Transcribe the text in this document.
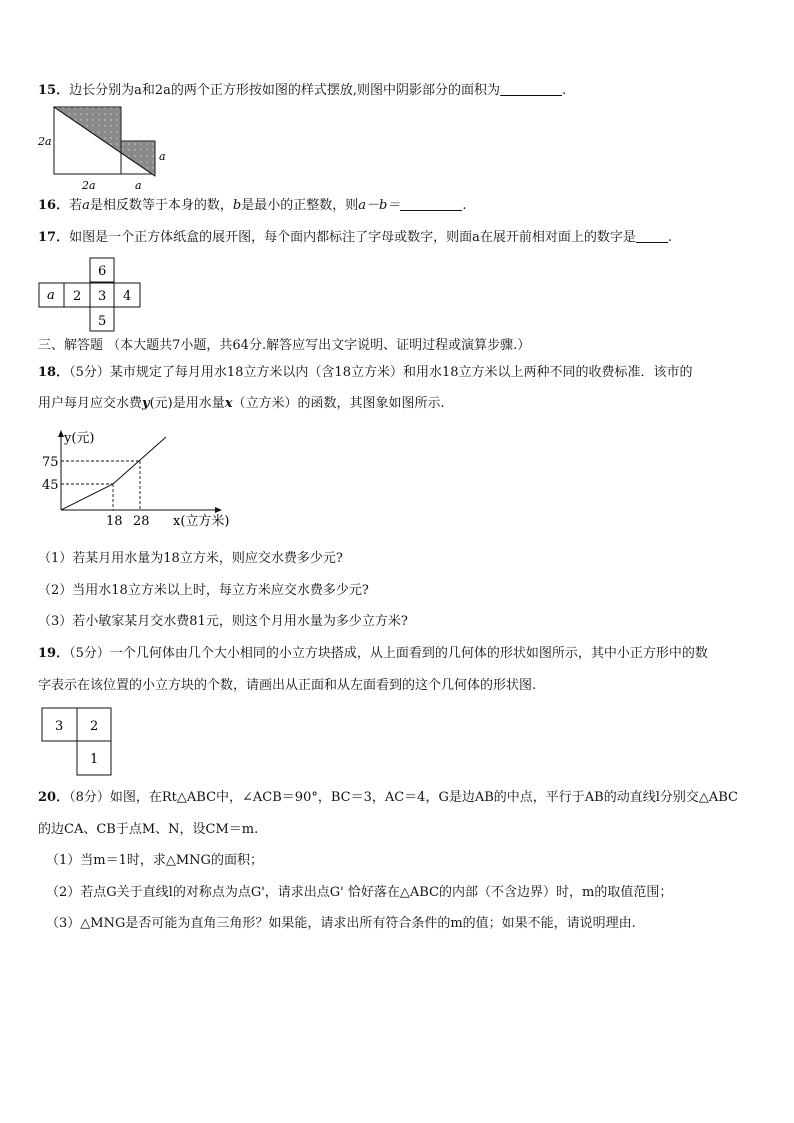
15．边长分别为a和2a的两个正方形按如图的样式摆放,则图中阴影部分的面积为	.
2a
2a	a
a
16．若a是相反数等于本身的数，b是最小的正整数，则a－b＝	.
17．如图是一个正方体纸盒的展开图，每个面内都标注了字母或数字，则面a在展开前相对面上的数字是 .
6
a 2 3 4
5
三、解答题 （本大题共7小题，共64分.解答应写出文字说明、证明过程或演算步骤.）
18．（5分）某市规定了每月用水18立方米以内（含18立方米）和用水18立方米以上两种不同的收费标准．该市的
用户每月应交水费y(元)是用水量x（立方米）的函数，其图象如图所示.
y(元)
75
45
18 28 x(立方米)
（1）若某月用水量为18立方米，则应交水费多少元?
（2）当用水18立方米以上时，每立方米应交水费多少元?
（3）若小敏家某月交水费81元，则这个月用水量为多少立方米?
19．（5分）一个几何体由几个大小相同的小立方块搭成，从上面看到的几何体的形状如图所示，其中小正方形中的数
字表示在该位置的小立方块的个数，请画出从正面和从左面看到的这个几何体的形状图.
3 2
1
20．（8分）如图，在Rt△ABC中，∠ACB＝90°，BC＝3，AC＝4，G是边AB的中点，平行于AB的动直线l分别交△ABC
的边CA、CB于点M、N，设CM＝m.
（1）当m＝1时，求△MNG的面积；
（2）若点G关于直线l的对称点为点G'，请求出点G' 恰好落在△ABC的内部（不含边界）时，m的取值范围；
（3）△MNG是否可能为直角三角形？如果能，请求出所有符合条件的m的值；如果不能，请说明理由.
